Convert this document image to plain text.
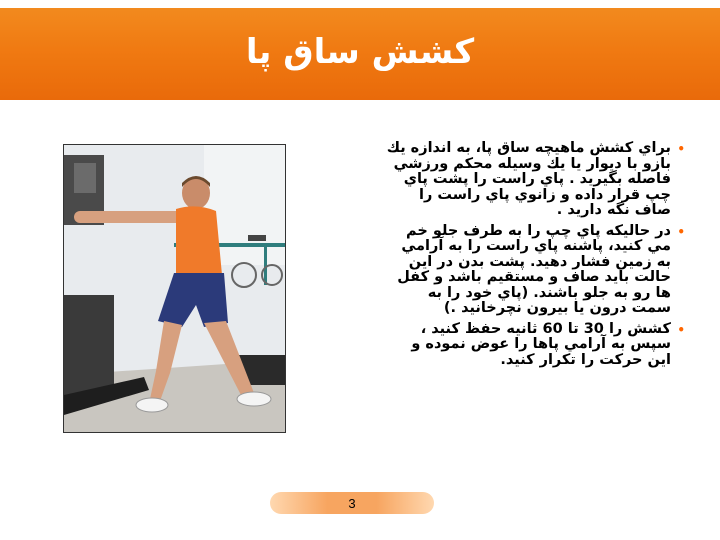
کشش ساق پا
•
براي كشش ماهيچه ساق پا، به اندازه يك بازو با ديوار يا يك وسيله محكم ورزشي فاصله بگيريد . پاي راست را پشت پاي چپ قرار داده و زانوي پاي راست را صاف نگه داريد .
•
در حاليكه پاي چپ را به طرف جلو خم مي كنيد، پاشنه پاي راست را به آرامي به زمين فشار دهيد. پشت بدن در اين حالت بايد صاف و مستقيم باشد و كفل ها رو به جلو باشند. (پاي خود را به سمت درون يا بيرون نچرخانيد .)
•
كشش را 30 تا 60 ثانيه حفظ كنيد ، سپس به آرامي پاها را عوض نموده و اين حركت را تكرار كنيد.
3
